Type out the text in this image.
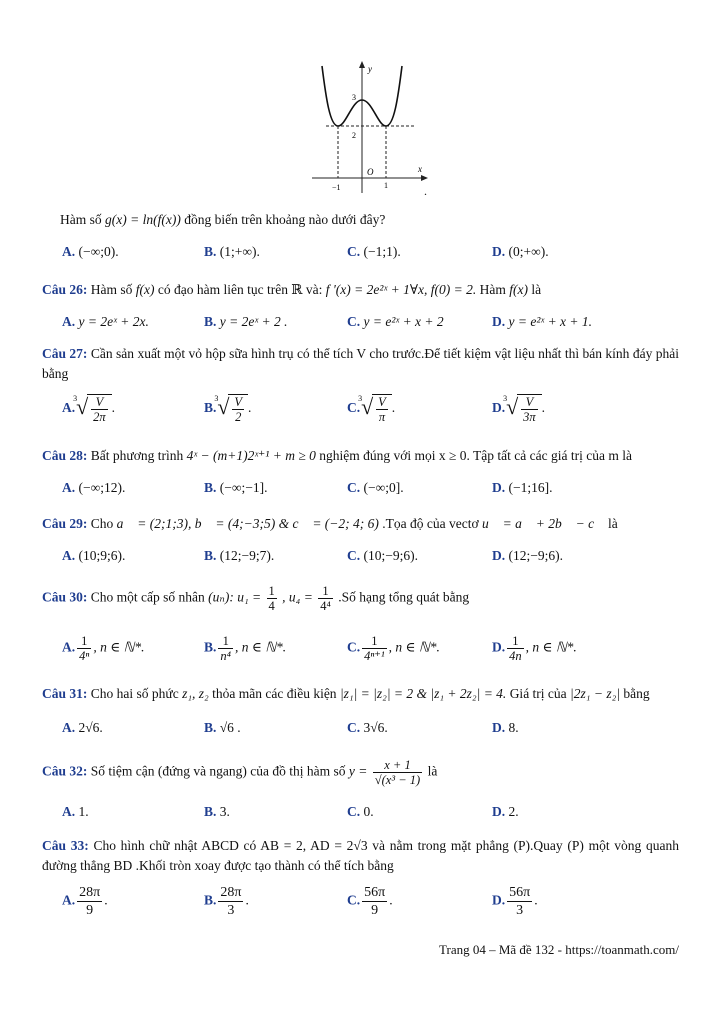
y
x
O
3
2
−1	1	.
Hàm số g(x) = ln(f(x)) đồng biến trên khoảng nào dưới đây?
A. (−∞;0).	B. (1;+∞).	C. (−1;1).	D. (0;+∞).
Câu 26: Hàm số f(x) có đạo hàm liên tục trên ℝ và: f '(x) = 2e²ˣ + 1∀x, f(0) = 2. Hàm f(x) là
A. y = 2eˣ + 2x.	B. y = 2eˣ + 2 .	C. y = e²ˣ + x + 2	D. y = e²ˣ + x + 1.
Câu 27: Cần sản xuất một vỏ hộp sữa hình trụ có thể tích V cho trước.Để tiết kiệm vật liệu nhất thì bán kính đáy phải bằng
A.
√ $3 \frac{V}{2\pi}$ .	B.
√ $3 \frac{V}{2}$ .	C.
√ $3 \frac{V}{\pi}$ .	D.
√ $3 \frac{V}{3\pi}$ .
Câu 28: Bất phương trình 4ˣ − (m+1)2ˣ⁺¹ + m ≥ 0 nghiệm đúng với mọi x ≥ 0. Tập tất cả các giá trị của m là
A. (−∞;12).	B. (−∞;−1].	C. (−∞;0].	D. (−1;16].
Câu 29: Cho a⃗ = (2;1;3), b⃗ = (4;−3;5) & c⃗ = (−2; 4; 6) .Tọa độ của vectơ u⃗ = a⃗ + 2b⃗ − c⃗ là
A. (10;9;6).	B. (12;−9;7).	C. (10;−9;6).	D. (12;−9;6).
Câu 30: Cho một cấp số nhân (uₙ): $u_1 = \frac{1}{4}$ , $u_4 = \frac{1}{\text{4⁴}}$ .Số hạng tổng quát bằng
A. $\frac{1}{\text{4ⁿ}}$ , n ∈ ℕ*.	B. $\frac{1}{\text{n⁴}}$ , n ∈ ℕ*.	C. $\frac{1}{\text{4ⁿ⁺¹}}$ , n ∈ ℕ*.	D. $\frac{1}{4n}$ , n ∈ ℕ*.
Câu 31: Cho hai số phức z₁, z₂ thỏa mãn các điều kiện |z₁| = |z₂| = 2 & |z₁ + 2z₂| = 4. Giá trị của |2z₁ − z₂| bằng
A. 2√6.	B. √6 .	C. 3√6.	D. 8.
Câu 32: Số tiệm cận (đứng và ngang) của đồ thị hàm số $y = \frac{x + 1}{\text{√(x³ − 1)}}$ là
A. 1.	B. 3.	C. 0.	D. 2.
Câu 33: Cho hình chữ nhật ABCD có AB = 2, AD = 2√3 và nằm trong mặt phẳng (P).Quay (P) một vòng quanh đường thẳng BD .Khối tròn xoay được tạo thành có thể tích bằng
A. $\frac{28\pi}{9}$ .	B. $\frac{28\pi}{3}$ .	C. $\frac{56\pi}{9}$ .	D. $\frac{56\pi}{3}$ .
Trang 04 – Mã đề 132 - https://toanmath.com/
